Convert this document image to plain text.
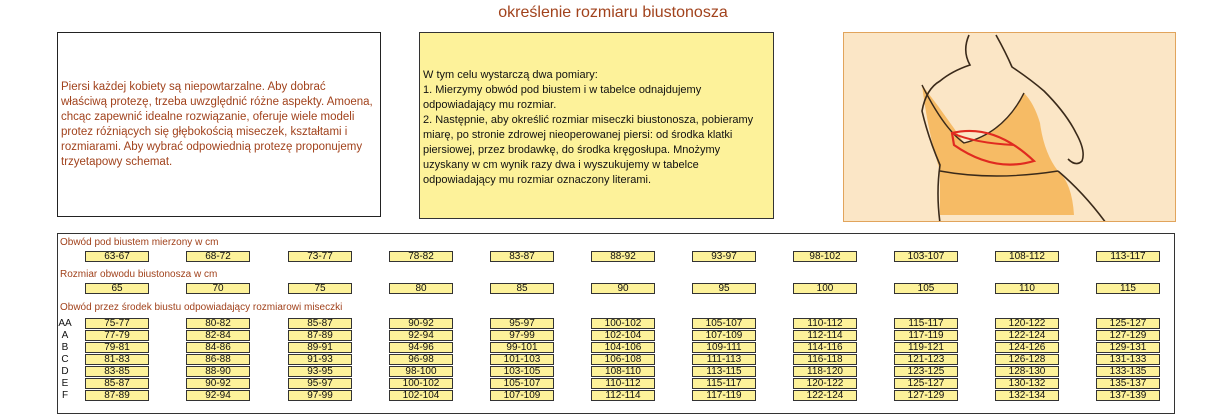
określenie rozmiaru biustonosza

Piersi każdej kobiety są niepowtarzalne. Aby dobrać właściwą protezę, trzeba uwzględnić różne aspekty. Amoena, chcąc zapewnić idealne rozwiązanie, oferuje wiele modeli protez różniących się głębokością miseczek, kształtami i rozmiarami. Aby wybrać odpowiednią protezę proponujemy trzyetapowy schemat.

W tym celu wystarczą dwa pomiary:
1. Mierzymy obwód pod biustem i w tabelce odnajdujemy odpowiadający mu rozmiar.
2. Następnie, aby określić rozmiar miseczki biustonosza, pobieramy miarę, po stronie zdrowej nieoperowanej piersi: od środka klatki piersiowej, przez brodawkę, do środka kręgosłupa. Mnożymy uzyskany w cm wynik razy dwa i wyszukujemy w tabelce odpowiadający mu rozmiar oznaczony literami.
Obwód pod biustem mierzony w cm
63-67	68-72	73-77	78-82	83-87	88-92	93-97	98-102	103-107	108-112	113-117
Rozmiar obwodu biustonosza w cm
65	70	75	80	85	90	95	100	105	110	115
Obwód przez środek biustu odpowiadający rozmiarowi miseczki
AA	75-77	80-82	85-87	90-92	95-97	100-102	105-107	110-112	115-117	120-122	125-127
A	77-79	82-84	87-89	92-94	97-99	102-104	107-109	112-114	117-119	122-124	127-129
B	79-81	84-86	89-91	94-96	99-101	104-106	109-111	114-116	119-121	124-126	129-131
C	81-83	86-88	91-93	96-98	101-103	106-108	111-113	116-118	121-123	126-128	131-133
D	83-85	88-90	93-95	98-100	103-105	108-110	113-115	118-120	123-125	128-130	133-135
E	85-87	90-92	95-97	100-102	105-107	110-112	115-117	120-122	125-127	130-132	135-137
F	87-89	92-94	97-99	102-104	107-109	112-114	117-119	122-124	127-129	132-134	137-139
